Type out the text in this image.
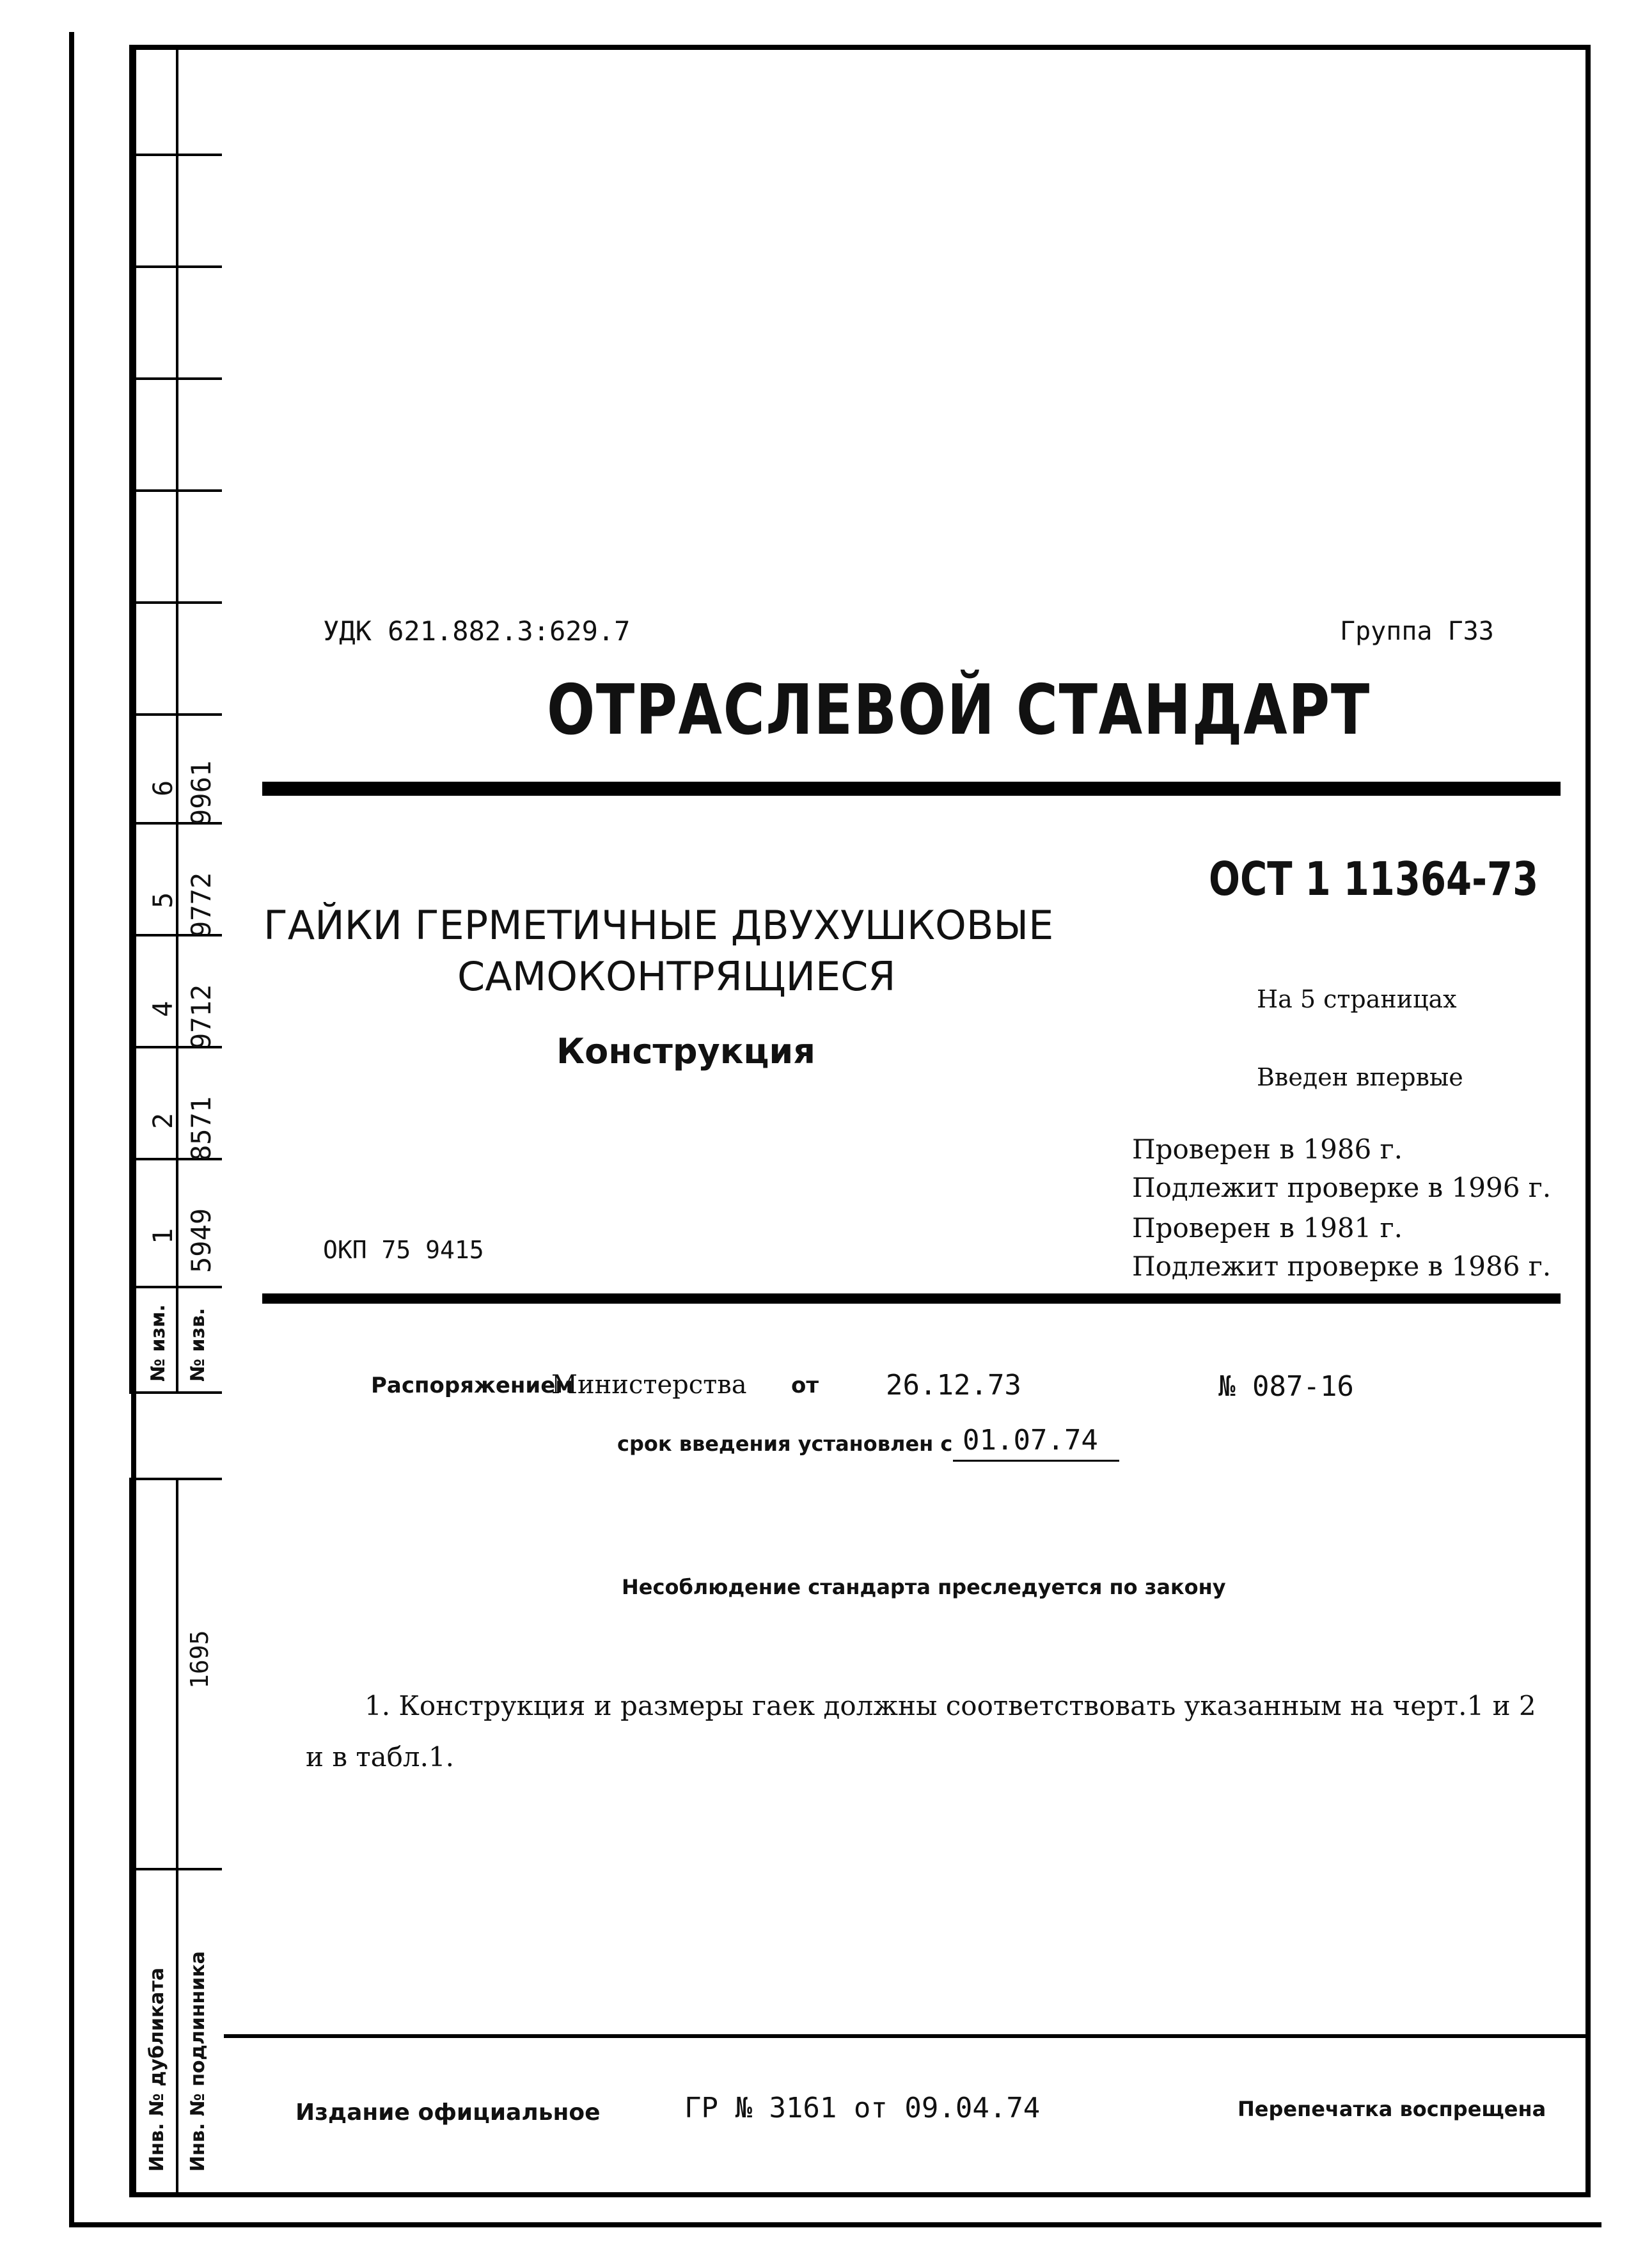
6 9961
5 9772
4 9712
2 8571
1 5949
№ изм. № изв.
1695
Инв. № дубликата Инв. № подлинника
УДК 621.882.3:629.7	Группа Г33
ОТРАСЛЕВОЙ СТАНДАРТ
ОСТ 1 11364-73
ГАЙКИ ГЕРМЕТИЧНЫЕ ДВУХУШКОВЫЕ
САМОКОНТРЯЩИЕСЯ
Конструкция
На 5 страницах
Введен впервые
Проверен в 1986 г.
Подлежит проверке в 1996 г.
Проверен в 1981 г.
Подлежит проверке в 1986 г.
ОКП 75 9415
Распоряжением
Министерства от 26.12.73	№ 087-16
срок введения установлен с 01.07.74
Несоблюдение стандарта преследуется по закону
1. Конструкция и размеры гаек должны соответствовать указанным на черт.1 и 2
и в табл.1.
Издание официальное	ГР № 3161 от 09.04.74	Перепечатка воспрещена
